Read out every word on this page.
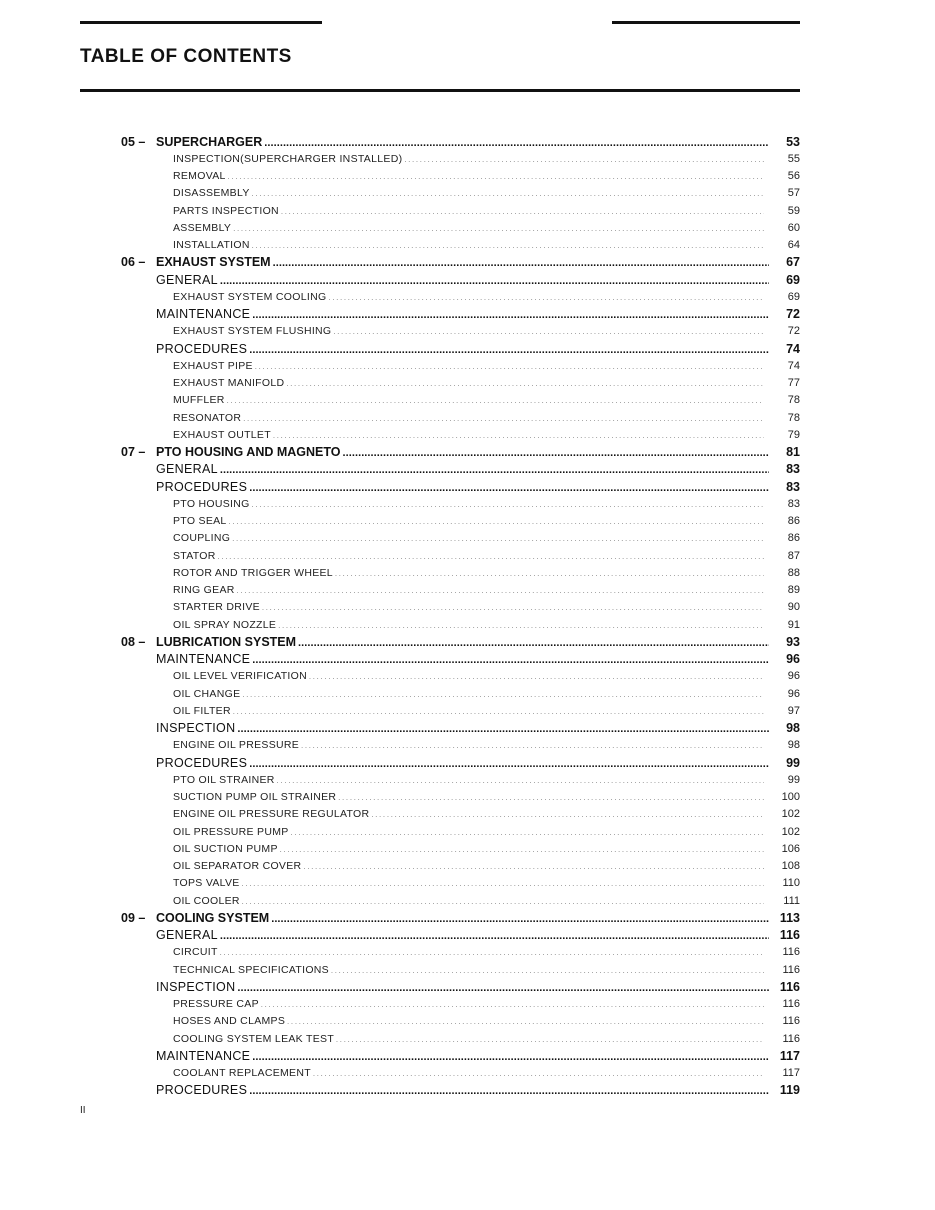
TABLE OF CONTENTS
05 – SUPERCHARGER . . .	53
INSPECTION(SUPERCHARGER INSTALLED) . . .	55
REMOVAL . . .	56
DISASSEMBLY . . .	57
PARTS INSPECTION . . .	59
ASSEMBLY . . .	60
INSTALLATION . . .	64
06 – EXHAUST SYSTEM . . .	67
GENERAL . . .	69
EXHAUST SYSTEM COOLING . . .	69
MAINTENANCE . . .	72
EXHAUST SYSTEM FLUSHING . . .	72
PROCEDURES . . .	74
EXHAUST PIPE . . .	74
EXHAUST MANIFOLD . . .	77
MUFFLER . . .	78
RESONATOR . . .	78
EXHAUST OUTLET . . .	79
07 – PTO HOUSING AND MAGNETO . . .	81
GENERAL . . .	83
PROCEDURES . . .	83
PTO HOUSING . . .	83
PTO SEAL . . .	86
COUPLING . . .	86
STATOR . . .	87
ROTOR AND TRIGGER WHEEL . . .	88
RING GEAR . . .	89
STARTER DRIVE . . .	90
OIL SPRAY NOZZLE . . .	91
08 – LUBRICATION SYSTEM . . .	93
MAINTENANCE . . .	96
OIL LEVEL VERIFICATION . . .	96
OIL CHANGE . . .	96
OIL FILTER . . .	97
INSPECTION . . .	98
ENGINE OIL PRESSURE . . .	98
PROCEDURES . . .	99
PTO OIL STRAINER . . .	99
SUCTION PUMP OIL STRAINER . . .	100
ENGINE OIL PRESSURE REGULATOR . . .	102
OIL PRESSURE PUMP . . .	102
OIL SUCTION PUMP . . .	106
OIL SEPARATOR COVER . . .	108
TOPS VALVE . . .	110
OIL COOLER . . .	111
09 – COOLING SYSTEM . . .	113
GENERAL . . .	116
CIRCUIT . . .	116
TECHNICAL SPECIFICATIONS . . .	116
INSPECTION . . .	116
PRESSURE CAP . . .	116
HOSES AND CLAMPS . . .	116
COOLING SYSTEM LEAK TEST . . .	116
MAINTENANCE . . .	117
COOLANT REPLACEMENT . . .	117
PROCEDURES . . .	119
II
